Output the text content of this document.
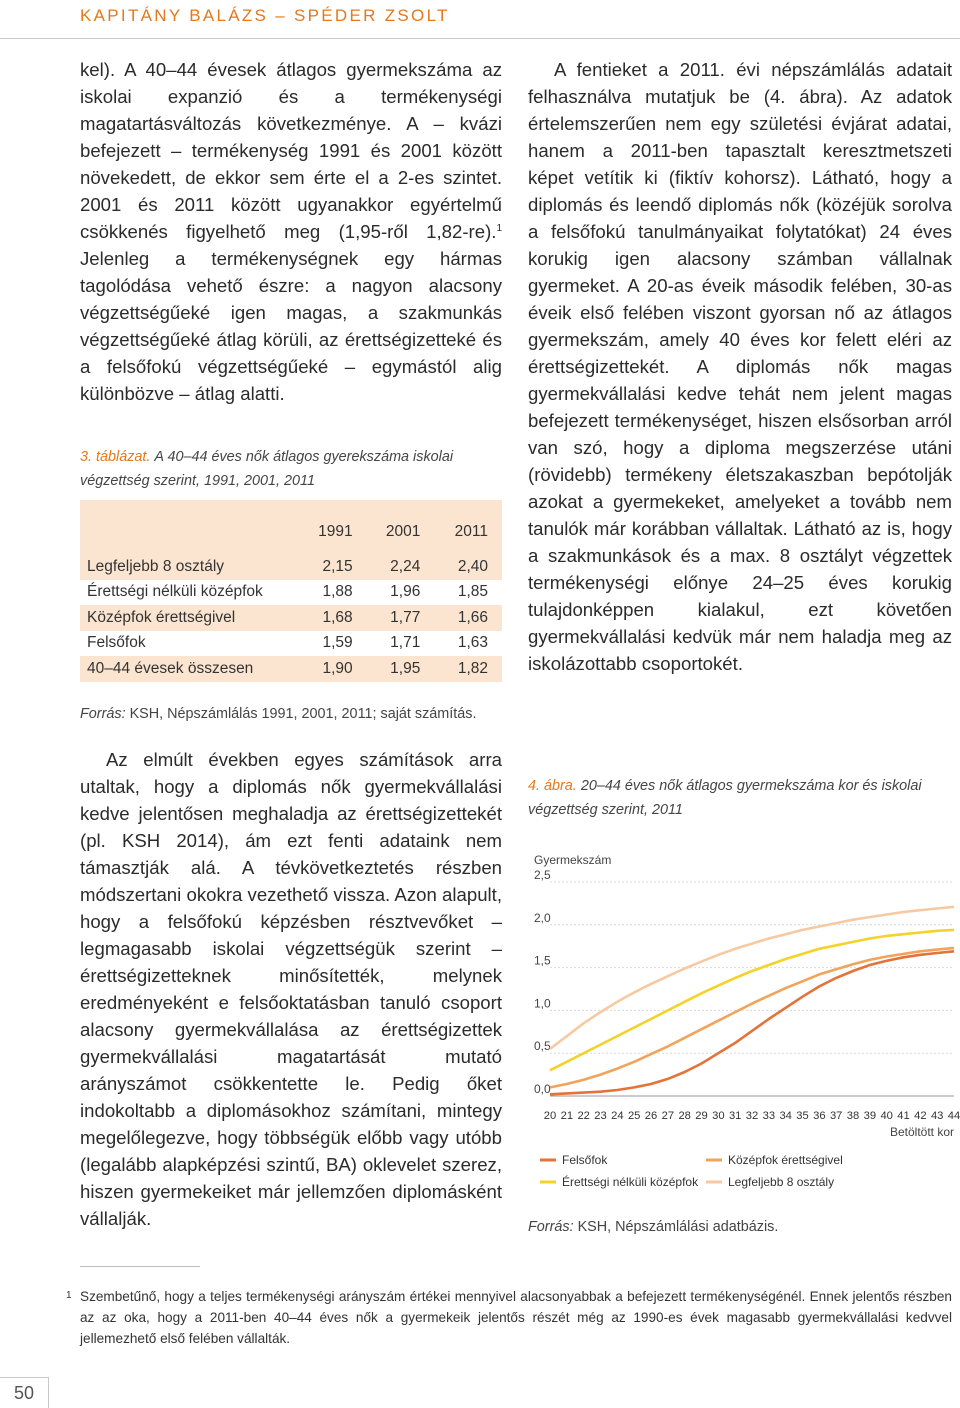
KAPITÁNY BALÁZS – SPÉDER ZSOLT

kel). A 40–44 évesek átlagos gyermekszáma az iskolai expanzió és a termékenységi magatartásváltozás következménye. A – kvázi befejezett – termékenység 1991 és 2001 között növekedett, de ekkor sem érte el a 2-es szintet. 2001 és 2011 között ugyanakkor egyértelmű csökkenés figyelhető meg (1,95-ről 1,82-re).$^1$ Jelenleg a termékenységnek egy hármas tagolódása vehető észre: a nagyon alacsony végzettségűeké igen magas, a szakmunkás végzettségűeké átlag körüli, az érettségizetteké és a felsőfokú végzettségűeké – egymástól alig különbözve – átlag alatti.

3. táblázat. A 40–44 éves nők átlagos gyerekszáma iskolai végzettség szerint, 1991, 2001, 2011
	1991	2001	2011
Legfeljebb 8 osztály	2,15	2,24	2,40
Érettségi nélküli középfok	1,88	1,96	1,85
Középfok érettségivel	1,68	1,77	1,66
Felsőfok	1,59	1,71	1,63
40–44 évesek összesen	1,90	1,95	1,82
Forrás: KSH, Népszámlálás 1991, 2001, 2011; saját számítás.

Az elmúlt években egyes számítások arra utaltak, hogy a diplomás nők gyermekvállalási kedve jelentősen meghaladja az érettségizettekét (pl. KSH 2014), ám ezt fenti adataink nem támasztják alá. A tévkövetkeztetés részben módszertani okokra vezethető vissza. Azon alapult, hogy a felsőfokú képzésben résztvevőket – legmagasabb iskolai végzettségük szerint – érettségizetteknek minősítették, melynek eredményeként e felsőoktatásban tanuló csoport alacsony gyermekvállalása az érettségizettek gyermekvállalási magatartását mutató arányszámot csökkentette le. Pedig őket indokoltabb a diplomásokhoz számítani, mintegy megelőlegezve, hogy többségük előbb vagy utóbb (legalább alapképzési szintű, BA) oklevelet szerez, hiszen gyermekeiket már jellemzően diplomásként vállalják.

A fentieket a 2011. évi népszámlálás adatait felhasználva mutatjuk be (4. ábra). Az adatok értelemszerűen nem egy születési évjárat adatai, hanem a 2011-ben tapasztalt keresztmetszeti képet vetítik ki (fiktív kohorsz). Látható, hogy a diplomás és leendő diplomás nők (közéjük sorolva a felsőfokú tanulmányaikat folytatókat) 24 éves korukig igen alacsony számban vállalnak gyermeket. A 20-as éveik második felében, 30-as éveik első felében viszont gyorsan nő az átlagos gyermekszám, amely 40 éves kor felett eléri az érettségizettekét. A diplomás nők magas gyermekvállalási kedve tehát nem jelent magas befejezett termékenységet, hiszen elsősorban arról van szó, hogy a diploma megszerzése utáni (rövidebb) termékeny életszakaszban bepótolják azokat a gyermekeket, amelyeket a tovább nem tanulók már korábban vállaltak. Látható az is, hogy a szakmunkások és a max. 8 osztályt végzettek termékenységi előnye 24–25 éves korukig tulajdonképpen kialakul, ezt követően gyermekvállalási kedvük már nem haladja meg az iskolázottabb csoportokét.

4. ábra. 20–44 éves nők átlagos gyermekszáma kor és iskolai végzettség szerint, 2011
Gyermekszám
0,0
0,5
1,0
1,5
2,0
2,5
20 21 22 23 24 25 26 27 28 29 30 31 32 33 34 35 36 37 38 39 40 41 42 43 44
Betöltött kor
Felsőfok	Középfok érettségivel
Érettségi nélküli középfok Legfeljebb 8 osztály
Forrás: KSH, Népszámlálási adatbázis.
1 Szembetűnő, hogy a teljes termékenységi arányszám értékei mennyivel alacsonyabbak a befejezett termékenységénél. Ennek jelentős részben az az oka, hogy a 2011-ben 40–44 éves nők a gyermekeik jelentős részét még az 1990-es évek magasabb gyermekvállalási kedvvel jellemezhető első felében vállalták.
50
